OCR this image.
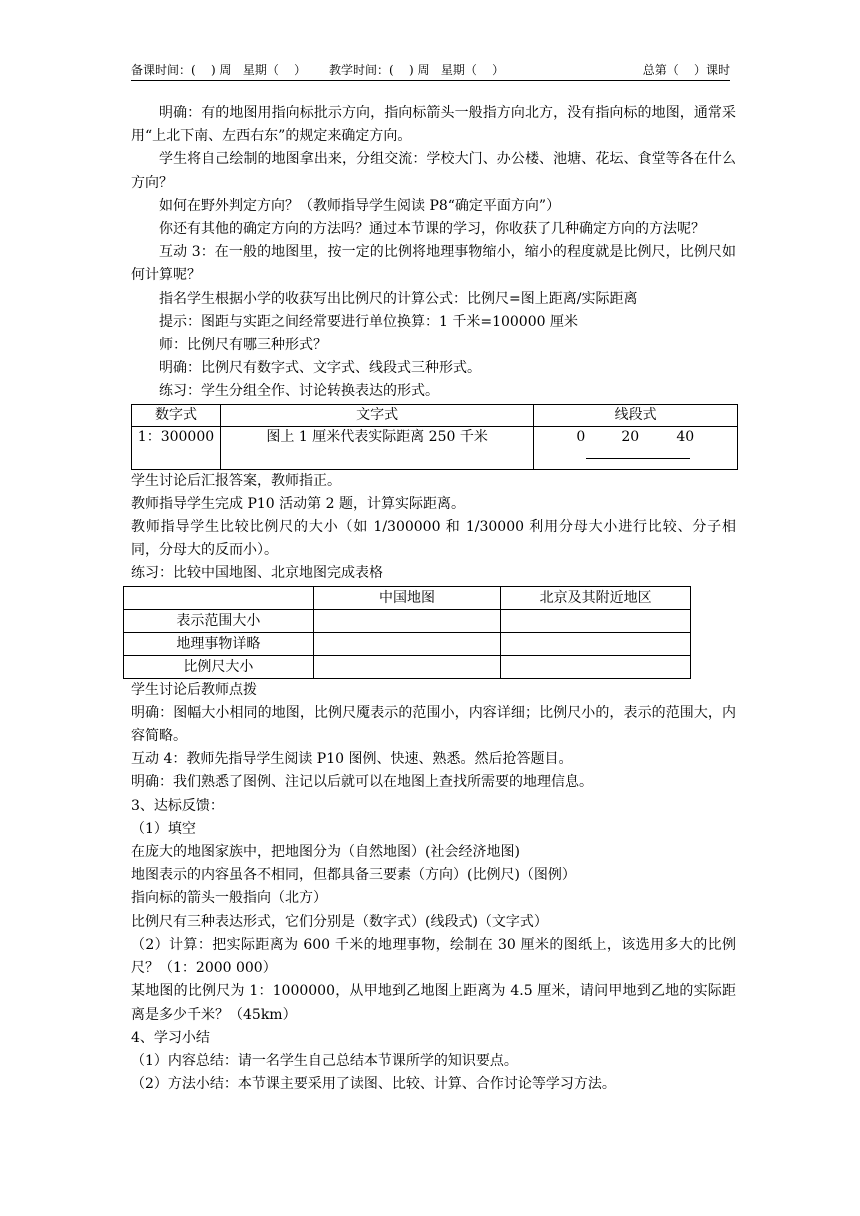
备课时间：(    ) 周   星期（    ）      教学时间：(    ) 周   星期（    ）	总第（    ）课时

明确：有的地图用指向标批示方向，指向标箭头一般指方向北方，没有指向标的地图，通常采用“上北下南、左西右东”的规定来确定方向。

学生将自己绘制的地图拿出来，分组交流：学校大门、办公楼、池塘、花坛、食堂等各在什么方向？

如何在野外判定方向？（教师指导学生阅读 P8“确定平面方向”）

你还有其他的确定方向的方法吗？通过本节课的学习，你收获了几种确定方向的方法呢？

互动 3：在一般的地图里，按一定的比例将地理事物缩小，缩小的程度就是比例尺，比例尺如何计算呢？

指名学生根据小学的收获写出比例尺的计算公式：比例尺=图上距离/实际距离

提示：图距与实距之间经常要进行单位换算：1 千米=100000 厘米

师：比例尺有哪三种形式？

明确：比例尺有数字式、文字式、线段式三种形式。

练习：学生分组全作、讨论转换表达的形式。

数字式	文字式	线段式
1：300000	图上 1 厘米代表实际距离 250 千米	0 20 40

学生讨论后汇报答案，教师指正。

教师指导学生完成 P10 活动第 2 题，计算实际距离。

教师指导学生比较比例尺的大小（如 1/300000 和 1/30000 利用分母大小进行比较、分子相同，分母大的反而小）。

练习：比较中国地图、北京地图完成表格

	中国地图	北京及其附近地区
表示范围大小		
地理事物详略		
比例尺大小		

学生讨论后教师点拨

明确：图幅大小相同的地图，比例尺魇表示的范围小，内容详细；比例尺小的，表示的范围大，内容简略。

互动 4：教师先指导学生阅读 P10 图例、快速、熟悉。然后抢答题目。

明确：我们熟悉了图例、注记以后就可以在地图上查找所需要的地理信息。

3、达标反馈：

（1）填空

在庞大的地图家族中，把地图分为（自然地图）(社会经济地图)

地图表示的内容虽各不相同，但都具备三要素（方向）(比例尺)（图例）

指向标的箭头一般指向（北方）

比例尺有三种表达形式，它们分别是（数字式）(线段式)（文字式）

（2）计算：把实际距离为 600 千米的地理事物，绘制在 30 厘米的图纸上，该选用多大的比例尺？（1：2000 000）

某地图的比例尺为 1：1000000，从甲地到乙地图上距离为 4.5 厘米，请问甲地到乙地的实际距离是多少千米？（45km）

4、学习小结

（1）内容总结：请一名学生自己总结本节课所学的知识要点。

（2）方法小结：本节课主要采用了读图、比较、计算、合作讨论等学习方法。
